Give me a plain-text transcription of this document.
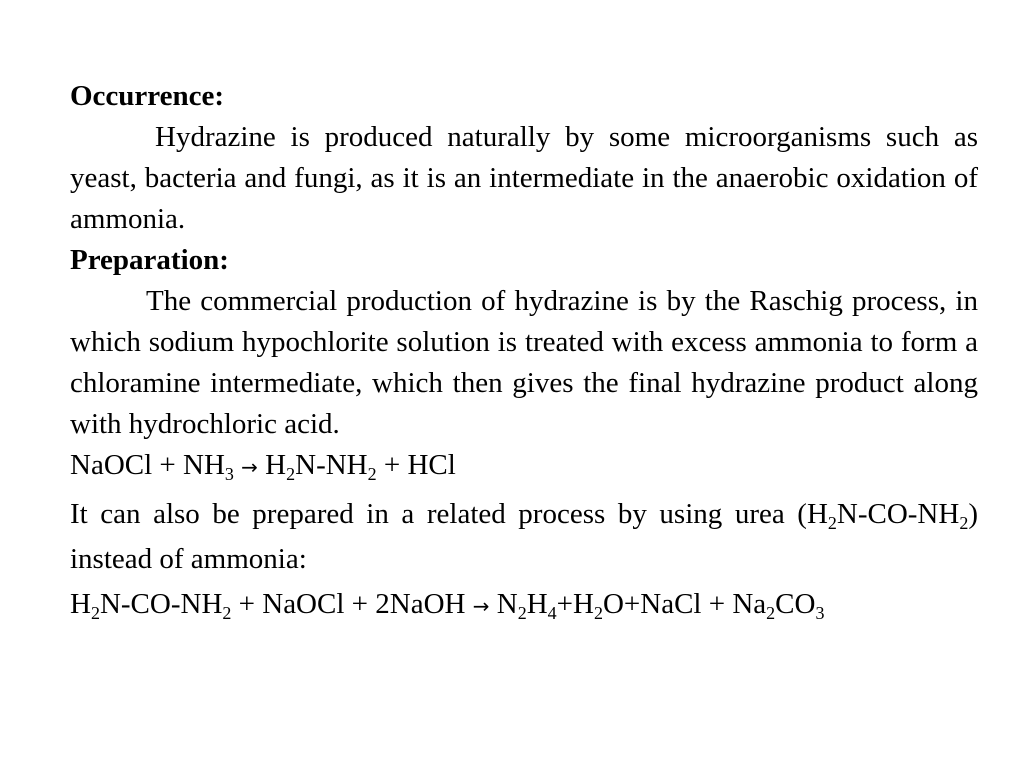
Occurrence:
Hydrazine is produced naturally by some microorganisms such as yeast, bacteria and fungi, as it is an intermediate in the anaerobic oxidation of ammonia.
Preparation:
The commercial production of hydrazine is by the Raschig process, in which sodium hypochlorite solution is treated with excess ammonia to form a chloramine intermediate, which then gives the final hydrazine product along with hydrochloric acid.
NaOCl + $NH_3 \to H_2N-NH_2$ + HCl
It can also be prepared in a related process by using urea $(H_2N-CO-NH_2)$ instead of ammonia:
$H_2N-CO-NH_2$ + NaOCl + 2NaOH → $N_2H_4+H_2O+NaCl + Na_2CO_3$
